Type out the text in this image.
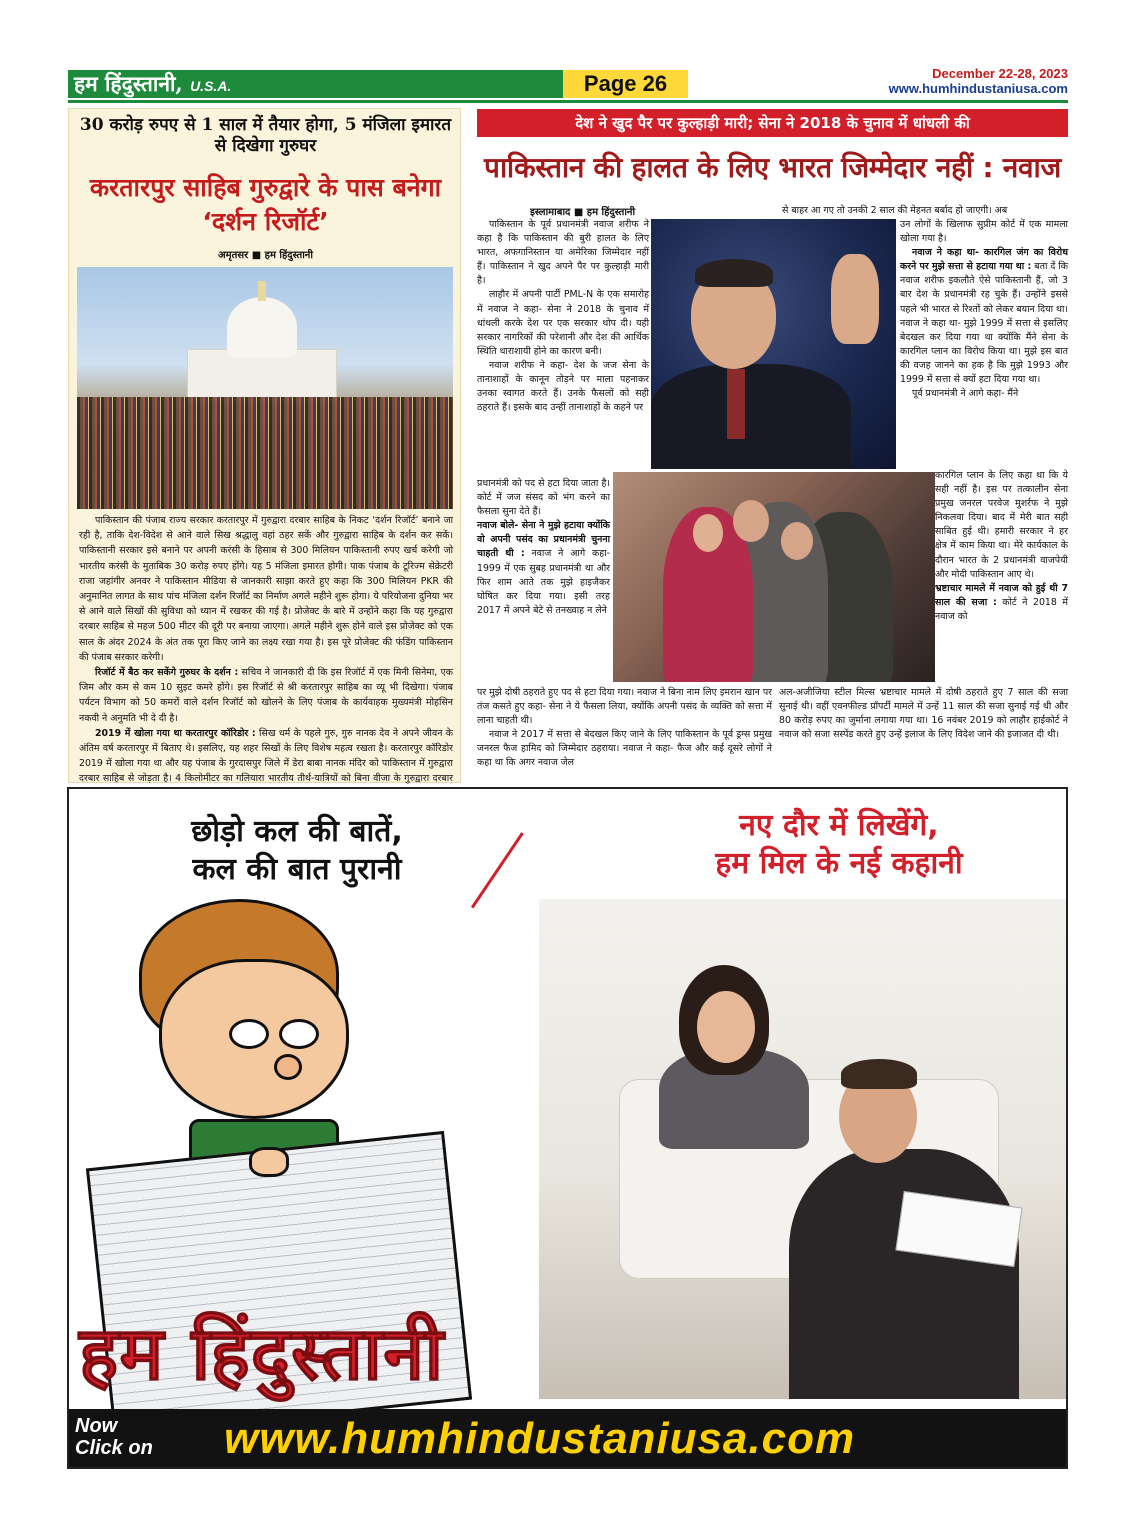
हम हिंदुस्तानी, U.S.A.	Page 26	December 22-28, 2023
www.humhindustaniusa.com
30 करोड़ रुपए से 1 साल में तैयार होगा, 5 मंजिला इमारत से दिखेगा गुरुघर
करतारपुर साहिब गुरुद्वारे के पास बनेगा ‘दर्शन रिजॉर्ट’
अमृतसर ■ हम हिंदुस्तानी

पाकिस्तान की पंजाब राज्य सरकार करतारपुर में गुरुद्वारा दरबार साहिब के निकट ‘दर्शन रिजॉर्ट’ बनाने जा रही है, ताकि देश-विदेश से आने वाले सिख श्रद्धालु वहां ठहर सकें और गुरुद्वारा साहिब के दर्शन कर सकें। पाकिस्तानी सरकार इसे बनाने पर अपनी करंसी के हिसाब से 300 मिलियन पाकिस्तानी रुपए खर्च करेगी जो भारतीय करंसी के मुताबिक 30 करोड़ रुपए होंगे। यह 5 मंजिला इमारत होगी। पाक पंजाब के टूरिज्म सेक्रेटरी राजा जहांगीर अनवर ने पाकिस्तान मीडिया से जानकारी साझा करते हुए कहा कि 300 मिलियन PKR की अनुमानित लागत के साथ पांच मंजिला दर्शन रिजॉर्ट का निर्माण अगले महीने शुरू होगा। ये परियोजना दुनिया भर से आने वाले सिखों की सुविधा को ध्यान में रखकर की गई है। प्रोजेक्ट के बारे में उन्होंने कहा कि यह गुरुद्वारा दरबार साहिब से महज 500 मीटर की दूरी पर बनाया जाएगा। अगले महीने शुरू होने वाले इस प्रोजेक्ट को एक साल के अंदर 2024 के अंत तक पूरा किए जाने का लक्ष्य रखा गया है। इस पूरे प्रोजेक्ट की फंडिंग पाकिस्तान की पंजाब सरकार करेगी।

रिजॉर्ट में बैठ कर सकेंगे गुरुघर के दर्शन : सचिव ने जानकारी दी कि इस रिजॉर्ट में एक मिनी सिनेमा, एक जिम और कम से कम 10 सुइट कमरे होंगे। इस रिजॉर्ट से श्री करतारपुर साहिब का व्यू भी दिखेगा। पंजाब पर्यटन विभाग को 50 कमरों वाले दर्शन रिजॉर्ट को खोलने के लिए पंजाब के कार्यवाहक मुख्यमंत्री मोहसिन नकवी ने अनुमति भी दे दी है।

2019 में खोला गया था करतारपुर कॉरिडोर : सिख धर्म के पहले गुरु, गुरु नानक देव ने अपने जीवन के अंतिम वर्ष करतारपुर में बिताए थे। इसलिए, यह शहर सिखों के लिए विशेष महत्व रखता है। करतारपुर कॉरिडोर 2019 में खोला गया था और यह पंजाब के गुरदासपुर जिले में डेरा बाबा नानक मंदिर को पाकिस्तान में गुरुद्वारा दरबार साहिब से जोड़ता है। 4 किलोमीटर का गलियारा भारतीय तीर्थ-यात्रियों को बिना वीजा के गुरुद्वारा दरबार

देश ने खुद पैर पर कुल्हाड़ी मारी; सेना ने 2018 के चुनाव में धांधली की
पाकिस्तान की हालत के लिए भारत जिम्मेदार नहीं : नवाज
इस्लामाबाद ■ हम हिंदुस्तानी

पाकिस्तान के पूर्व प्रधानमंत्री नवाज शरीफ ने कहा है कि पाकिस्तान की बुरी हालत के लिए भारत, अफगानिस्तान या अमेरिका जिम्मेदार नहीं हैं। पाकिस्तान ने खुद अपने पैर पर कुल्हाड़ी मारी है।

लाहौर में अपनी पार्टी PML-N के एक समारोह में नवाज ने कहा- सेना ने 2018 के चुनाव में धांधली करके देश पर एक सरकार थोप दी। यही सरकार नागरिकों की परेशानी और देश की आर्थिक स्थिति धाराशायी होने का कारण बनी।

नवाज शरीफ ने कहा- देश के जज सेना के तानाशाहों के कानून तोड़ने पर माला पहनाकर उनका स्वागत करते हैं। उनके फैसलों को सही ठहराते हैं। इसके बाद उन्हीं तानाशाहों के कहने पर

से बाहर आ गए तो उनकी 2 साल की मेहनत बर्बाद हो जाएगी। अब

उन लोगों के खिलाफ सुप्रीम कोर्ट में एक मामला खोला गया है।

नवाज ने कहा था- कारगिल जंग का विरोध करने पर मुझे सत्ता से हटाया गया था : बता दें कि नवाज शरीफ इकलौते ऐसे पाकिस्तानी हैं, जो 3 बार देश के प्रधानमंत्री रह चुके हैं। उन्होंने इससे पहले भी भारत से रिश्तों को लेकर बयान दिया था। नवाज ने कहा था- मुझे 1999 में सत्ता से इसलिए बेदखल कर दिया गया था क्योंकि मैंने सेना के कारगिल प्लान का विरोध किया था। मुझे इस बात की वजह जानने का हक है कि मुझे 1993 और 1999 में सत्ता से क्यों हटा दिया गया था।

पूर्व प्रधानमंत्री ने आगे कहा- मैंने

प्रधानमंत्री को पद से हटा दिया जाता है। कोर्ट में जज संसद को भंग करने का फैसला सुना देते हैं।

नवाज बोले- सेना ने मुझे हटाया क्योंकि वो अपनी पसंद का प्रधानमंत्री चुनना चाहती थी : नवाज ने आगे कहा- 1999 में एक सुबह प्रधानमंत्री था और फिर शाम आते तक मुझे हाइजैकर घोषित कर दिया गया। इसी तरह 2017 में अपने बेटे से तनख्वाह न लेने

कारगिल प्लान के लिए कहा था कि ये सही नहीं है। इस पर तत्कालीन सेना प्रमुख जनरल परवेज मुशर्रफ ने मुझे निकलवा दिया। बाद में मेरी बात सही साबित हुई थी। हमारी सरकार ने हर क्षेत्र में काम किया था। मेरे कार्यकाल के दौरान भारत के 2 प्रधानमंत्री वाजपेयी और मोदी पाकिस्तान आए थे।

भ्रष्टाचार मामले में नवाज को हुई थी 7 साल की सजा : कोर्ट ने 2018 में नवाज को

पर मुझे दोषी ठहराते हुए पद से हटा दिया गया। नवाज ने बिना नाम लिए इमरान खान पर तंज कसते हुए कहा- सेना ने ये फैसला लिया, क्योंकि अपनी पसंद के व्यक्ति को सत्ता में लाना चाहती थी।

नवाज ने 2017 में सत्ता से बेदखल किए जाने के लिए पाकिस्तान के पूर्व ड्रग्स प्रमुख जनरल फैज हामिद को जिम्मेदार ठहराया। नवाज ने कहा- फैज और कई दूसरे लोगों ने कहा था कि अगर नवाज जेल

अल-अजीजिया स्टील मिल्स भ्रष्टाचार मामले में दोषी ठहराते हुए 7 साल की सजा सुनाई थी। वहीं एवनफील्ड प्रॉपर्टी मामले में उन्हें 11 साल की सजा सुनाई गई थी और 80 करोड़ रुपए का जुर्माना लगाया गया था। 16 नवंबर 2019 को लाहौर हाईकोर्ट ने नवाज को सजा सस्पेंड करते हुए उन्हें इलाज के लिए विदेश जाने की इजाजत दी थी।
छोड़ो कल की बातें,
कल की बात पुरानी
नए दौर में लिखेंगे,
हम मिल के नई कहानी
हम हिंदुस्तानी
Now
Click on www.humhindustaniusa.com
